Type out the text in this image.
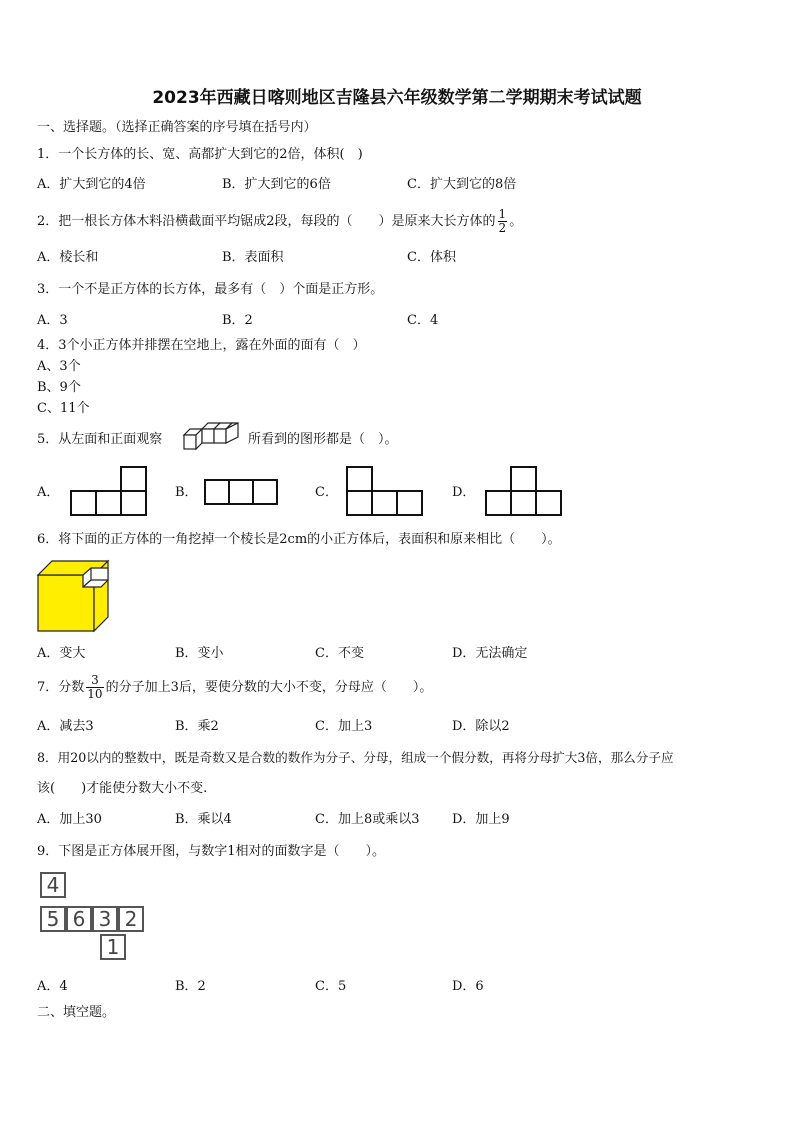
2023年西藏日喀则地区吉隆县六年级数学第二学期期末考试试题
一、选择题。（选择正确答案的序号填在括号内）
1．一个长方体的长、宽、高都扩大到它的2倍，体积(　)
A．扩大到它的4倍	B．扩大到它的6倍	C．扩大到它的8倍
2．把一根长方体木料沿横截面平均锯成2段，每段的（　　）是原来大长方体的 $\frac{1}{2}$ 。
A．棱长和	B．表面积	C．体积
3．一个不是正方体的长方体，最多有（　）个面是正方形。
A．3	B．2	C．4
4．3个小正方体并排摆在空地上，露在外面的面有（　）
A、3个
B、9个
C、11个
5．从左面和正面观察	所看到的图形都是（　）。
A．	B．	C．	D．
6．将下面的正方体的一角挖掉一个棱长是2cm的小正方体后，表面积和原来相比（　　）。
A．变大	B．变小	C．不变	D．无法确定
7．分数 $\frac{3}{10}$ 的分子加上3后，要使分数的大小不变，分母应（　　）。
A．减去3	B．乘2	C．加上3	D．除以2
8．用20以内的整数中，既是奇数又是合数的数作为分子、分母，组成一个假分数，再将分母扩大3倍，那么分子应
该(　　)才能使分数大小不变.
A．加上30	B．乘以4	C．加上8或乘以3	D．加上9
9．下图是正方体展开图，与数字1相对的面数字是（　　）。
4
5 6 3 2
1
A．4	B．2	C．5	D．6
二、填空题。
